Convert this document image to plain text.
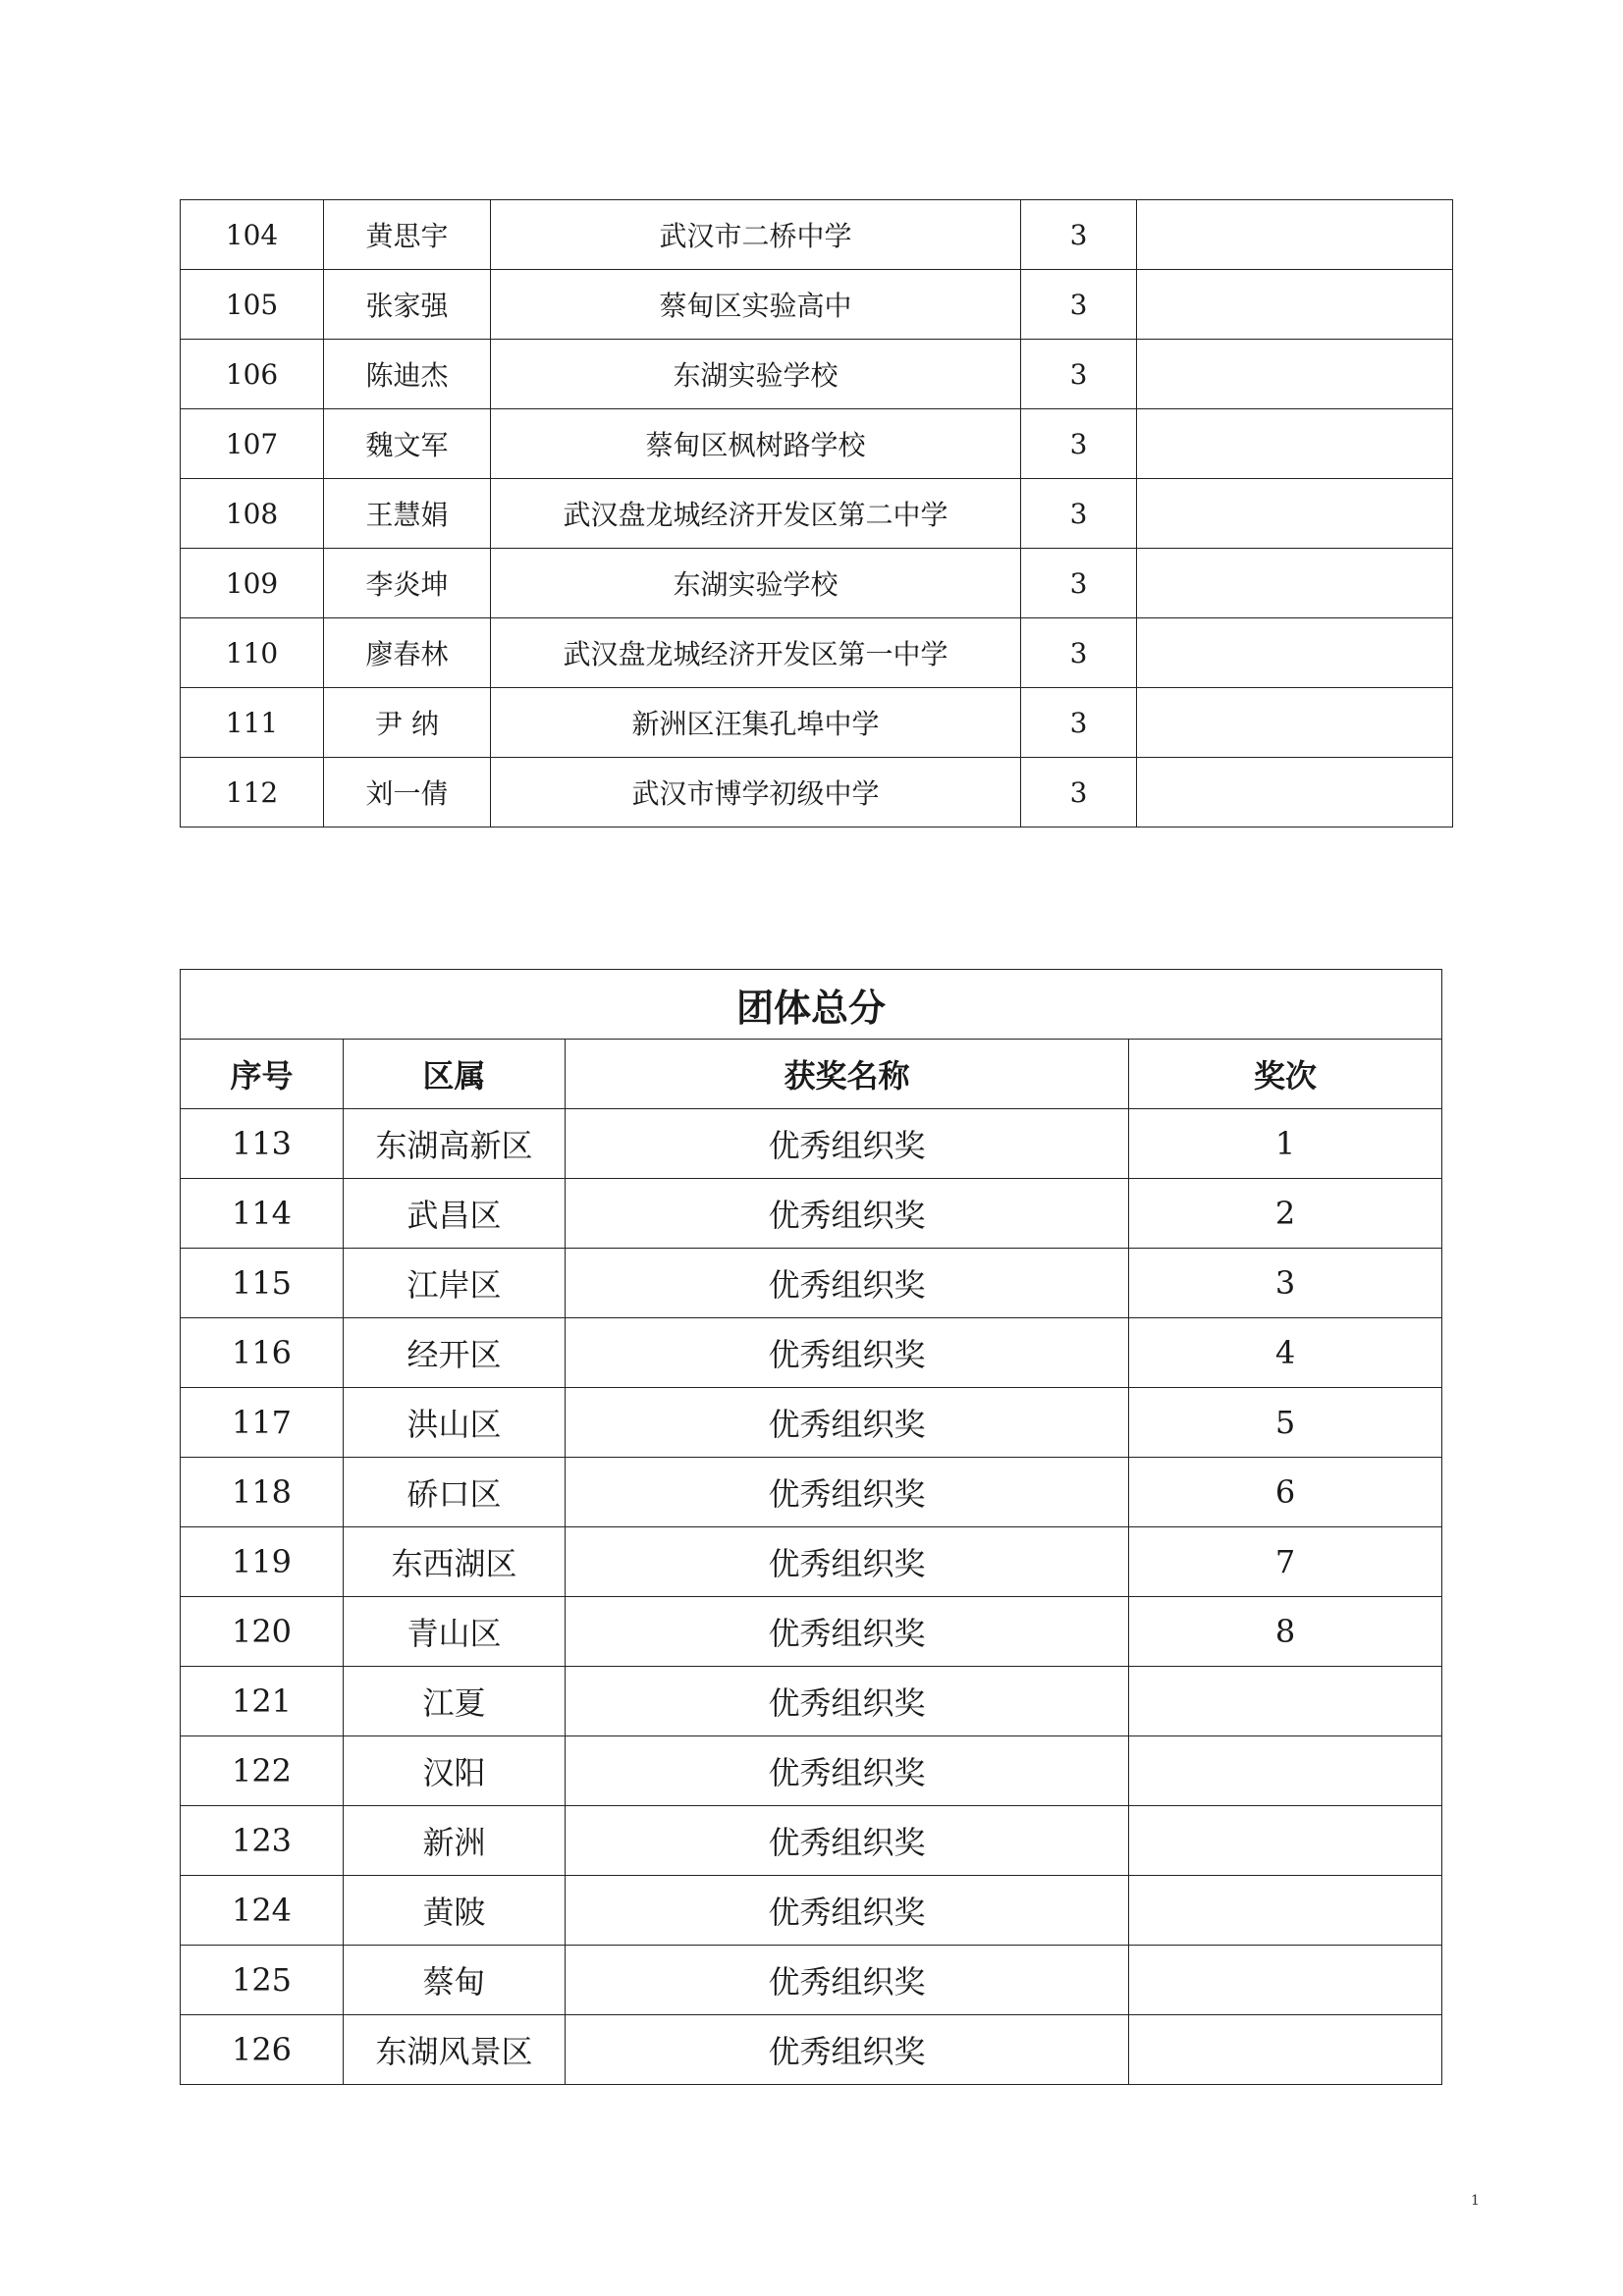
104	黄思宇	武汉市二桥中学	3	
105	张家强	蔡甸区实验高中	3	
106	陈迪杰	东湖实验学校	3	
107	魏文军	蔡甸区枫树路学校	3	
108	王慧娟	武汉盘龙城经济开发区第二中学	3	
109	李炎坤	东湖实验学校	3	
110	廖春林	武汉盘龙城经济开发区第一中学	3	
111	尹 纳	新洲区汪集孔埠中学	3	
112	刘一倩	武汉市博学初级中学	3	
团体总分			
序号	区属	获奖名称	奖次
113	东湖高新区	优秀组织奖	1
114	武昌区	优秀组织奖	2
115	江岸区	优秀组织奖	3
116	经开区	优秀组织奖	4
117	洪山区	优秀组织奖	5
118	硚口区	优秀组织奖	6
119	东西湖区	优秀组织奖	7
120	青山区	优秀组织奖	8
121	江夏	优秀组织奖	
122	汉阳	优秀组织奖	
123	新洲	优秀组织奖	
124	黄陂	优秀组织奖	
125	蔡甸	优秀组织奖	
126	东湖风景区	优秀组织奖	
1
